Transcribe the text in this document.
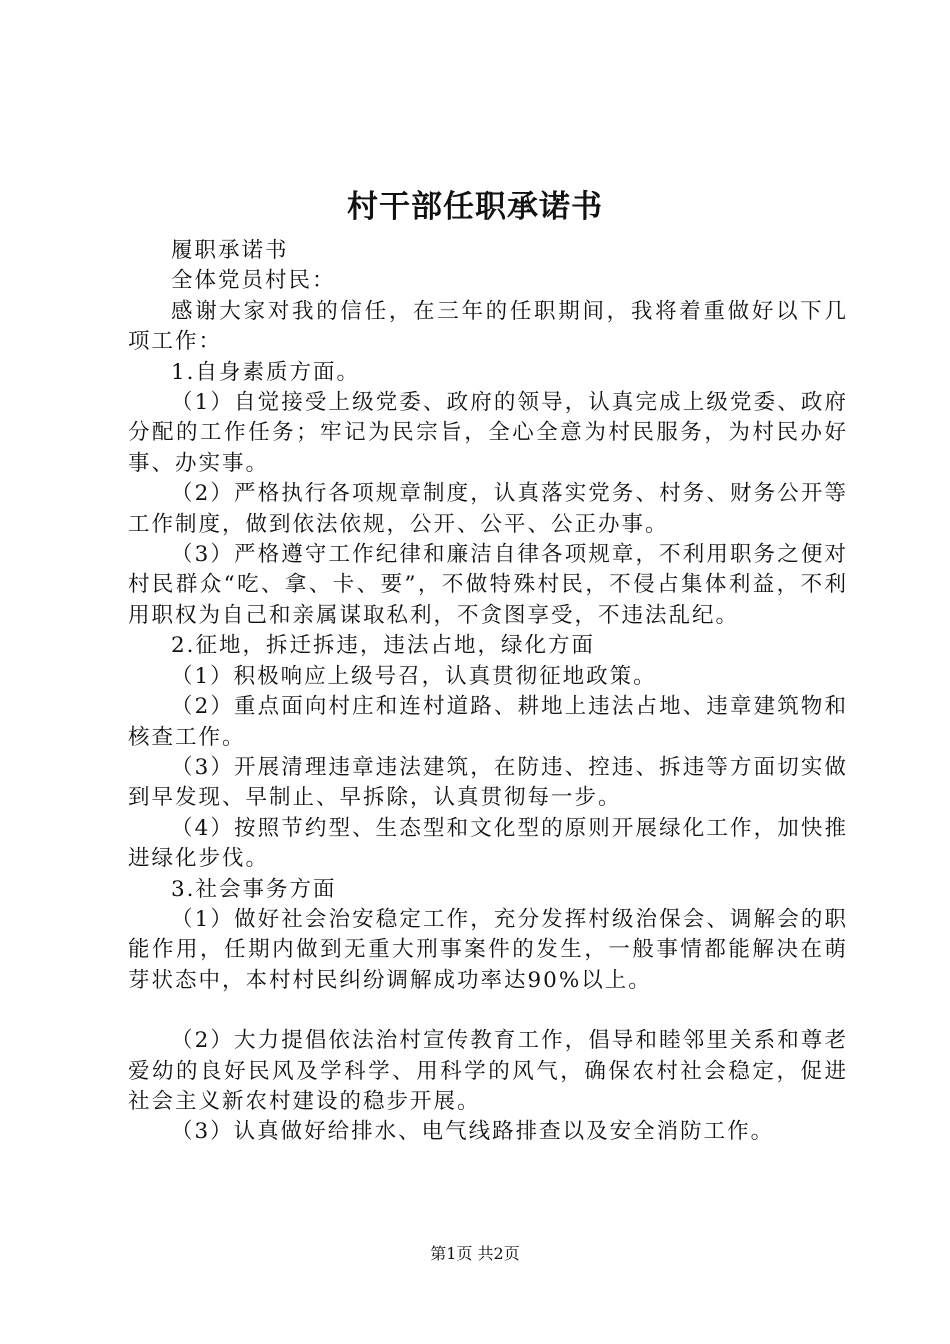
村干部任职承诺书

履职承诺书

全体党员村民：

感谢大家对我的信任，在三年的任职期间，我将着重做好以下几项工作：

1.自身素质方面。

（1）自觉接受上级党委、政府的领导，认真完成上级党委、政府分配的工作任务；牢记为民宗旨，全心全意为村民服务，为村民办好事、办实事。

（2）严格执行各项规章制度，认真落实党务、村务、财务公开等工作制度，做到依法依规，公开、公平、公正办事。

（3）严格遵守工作纪律和廉洁自律各项规章，不利用职务之便对村民群众“吃、拿、卡、要”，不做特殊村民，不侵占集体利益，不利用职权为自己和亲属谋取私利，不贪图享受，不违法乱纪。

2.征地，拆迁拆违，违法占地，绿化方面

（1）积极响应上级号召，认真贯彻征地政策。

（2）重点面向村庄和连村道路、耕地上违法占地、违章建筑物和核查工作。

（3）开展清理违章违法建筑，在防违、控违、拆违等方面切实做到早发现、早制止、早拆除，认真贯彻每一步。

（4）按照节约型、生态型和文化型的原则开展绿化工作，加快推进绿化步伐。

3.社会事务方面

（1）做好社会治安稳定工作，充分发挥村级治保会、调解会的职能作用，任期内做到无重大刑事案件的发生，一般事情都能解决在萌芽状态中，本村村民纠纷调解成功率达90%以上。

（2）大力提倡依法治村宣传教育工作，倡导和睦邻里关系和尊老爱幼的良好民风及学科学、用科学的风气，确保农村社会稳定，促进社会主义新农村建设的稳步开展。

（3）认真做好给排水、电气线路排查以及安全消防工作。

第1页 共2页
